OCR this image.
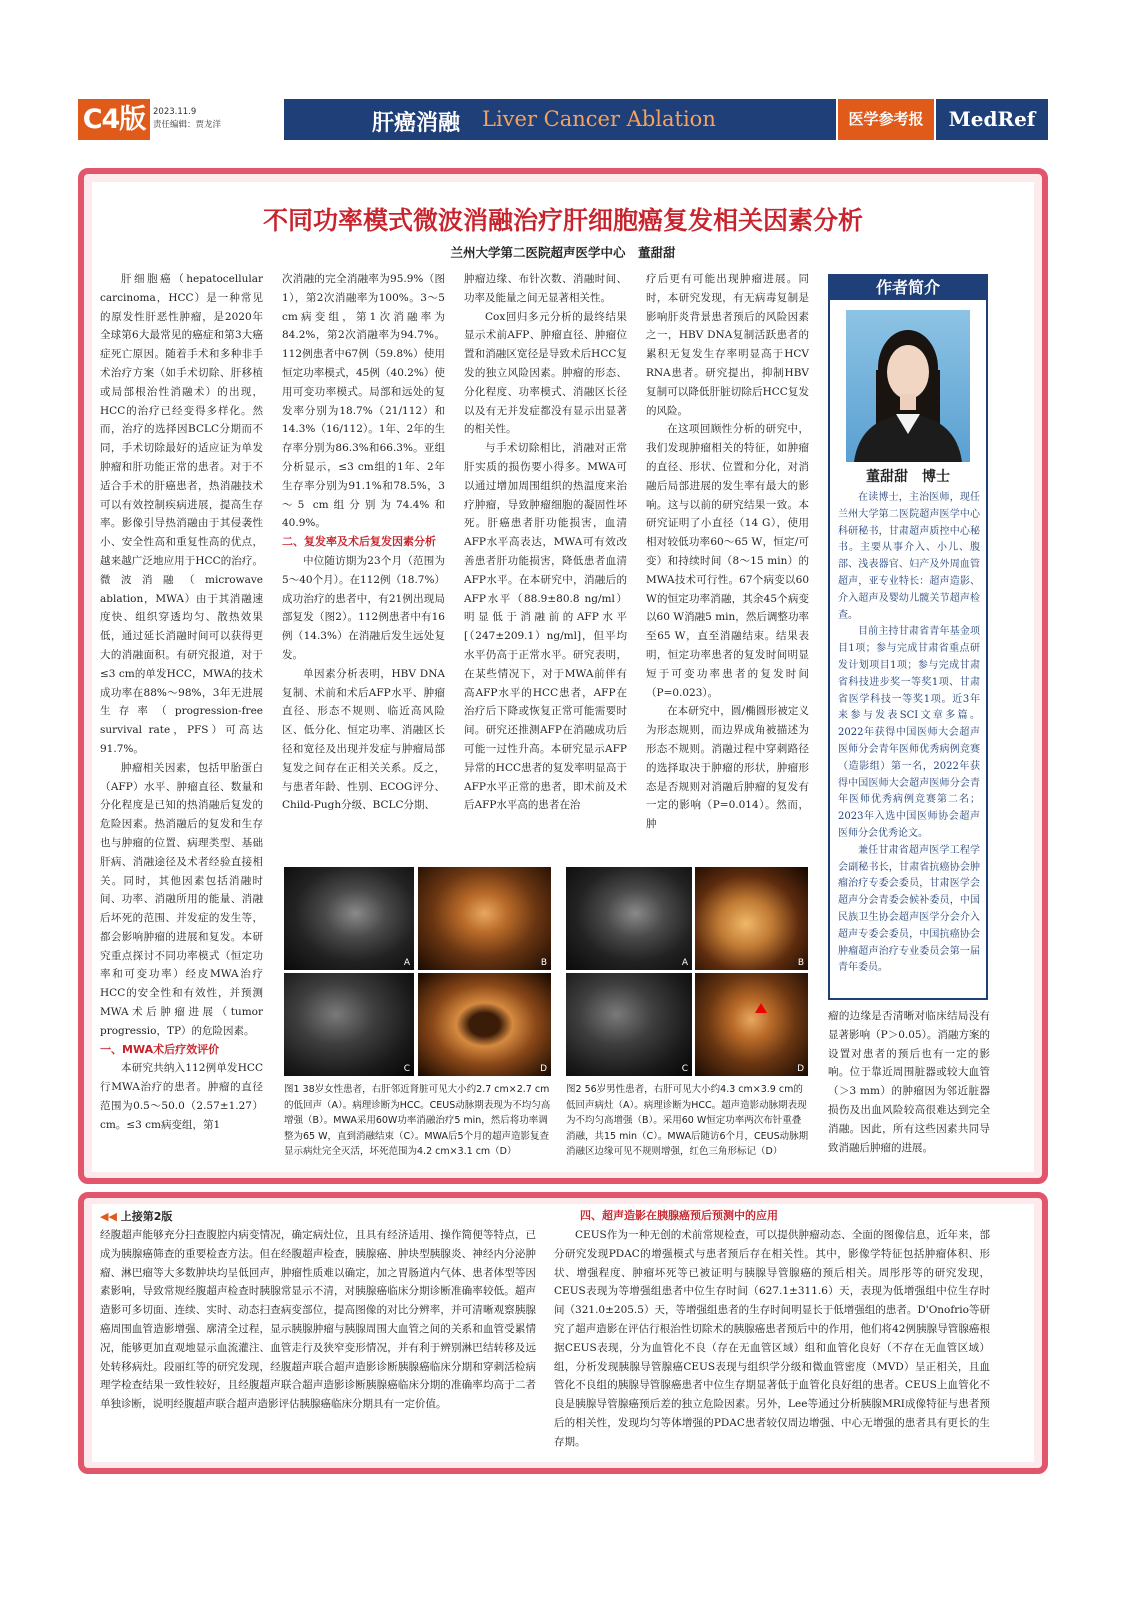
C4版 2023.11.9
责任编辑：贾龙洋	肝癌消融 Liver Cancer Ablation	医学参考报	MedRef
不同功率模式微波消融治疗肝细胞癌复发相关因素分析
兰州大学第二医院超声医学中心　董甜甜

肝细胞癌（hepatocellular carcinoma，HCC）是一种常见的原发性肝恶性肿瘤，是2020年全球第6大最常见的癌症和第3大癌症死亡原因。随着手术和多种非手术治疗方案（如手术切除、肝移植或局部根治性消融术）的出现，HCC的治疗已经变得多样化。然而，治疗的选择因BCLC分期而不同，手术切除最好的适应证为单发肿瘤和肝功能正常的患者。对于不适合手术的肝癌患者，热消融技术可以有效控制疾病进展，提高生存率。影像引导热消融由于其侵袭性小、安全性高和重复性高的优点，越来越广泛地应用于HCC的治疗。微波消融（microwave ablation，MWA）由于其消融速度快、组织穿透均匀、散热效果低，通过延长消融时间可以获得更大的消融面积。有研究报道，对于≤3 cm的单发HCC，MWA的技术成功率在88%～98%，3年无进展生存率（progression-free survival rate，PFS）可高达91.7%。

肿瘤相关因素，包括甲胎蛋白（AFP）水平、肿瘤直径、数量和分化程度是已知的热消融后复发的危险因素。热消融后的复发和生存也与肿瘤的位置、病理类型、基础肝病、消融途径及术者经验直接相关。同时，其他因素包括消融时间、功率、消融所用的能量、消融后坏死的范围、并发症的发生等，都会影响肿瘤的进展和复发。本研究重点探讨不同功率模式（恒定功率和可变功率）经皮MWA治疗HCC的安全性和有效性，并预测MWA术后肿瘤进展（tumor progressio，TP）的危险因素。

一、MWA术后疗效评价

本研究共纳入112例单发HCC行MWA治疗的患者。肿瘤的直径范围为0.5～50.0（2.57±1.27）cm。≤3 cm病变组，第1

次消融的完全消融率为95.9%（图1），第2次消融率为100%。3～5 cm病变组，第1次消融率为84.2%，第2次消融率为94.7%。112例患者中67例（59.8%）使用恒定功率模式，45例（40.2%）使用可变功率模式。局部和远处的复发率分别为18.7%（21/112）和14.3%（16/112）。1年、2年的生存率分别为86.3%和66.3%。亚组分析显示，≤3 cm组的1年、2年生存率分别为91.1%和78.5%，3～5 cm组分别为74.4%和40.9%。

二、复发率及术后复发因素分析

中位随访期为23个月（范围为5～40个月）。在112例（18.7%）成功治疗的患者中，有21例出现局部复发（图2）。112例患者中有16例（14.3%）在消融后发生远处复发。

单因素分析表明，HBV DNA复制、术前和术后AFP水平、肿瘤直径、形态不规则、临近高风险区、低分化、恒定功率、消融区长径和宽径及出现并发症与肿瘤局部复发之间存在正相关关系。反之，与患者年龄、性别、ECOG评分、Child-Pugh分级、BCLC分期、

肿瘤边缘、布针次数、消融时间、功率及能量之间无显著相关性。

Cox回归多元分析的最终结果显示术前AFP、肿瘤直径、肿瘤位置和消融区宽径是导致术后HCC复发的独立风险因素。肿瘤的形态、分化程度、功率模式、消融区长径以及有无并发症都没有显示出显著的相关性。

与手术切除相比，消融对正常肝实质的损伤要小得多。MWA可以通过增加周围组织的热温度来治疗肿瘤，导致肿瘤细胞的凝固性坏死。肝癌患者肝功能损害，血清AFP水平高表达，MWA可有效改善患者肝功能损害，降低患者血清AFP水平。在本研究中，消融后的AFP水平（88.9±80.8 ng/ml）明显低于消融前的AFP水平[（247±209.1）ng/ml]，但平均水平仍高于正常水平。研究表明，在某些情况下，对于MWA前伴有高AFP水平的HCC患者，AFP在治疗后下降或恢复正常可能需要时间。研究还推测AFP在消融成功后可能一过性升高。本研究显示AFP异常的HCC患者的复发率明显高于AFP水平正常的患者，即术前及术后AFP水平高的患者在治

疗后更有可能出现肿瘤进展。同时，本研究发现，有无病毒复制是影响肝炎背景患者预后的风险因素之一，HBV DNA复制活跃患者的累积无复发生存率明显高于HCV RNA患者。研究提出，抑制HBV复制可以降低肝脏切除后HCC复发的风险。

在这项回顾性分析的研究中，我们发现肿瘤相关的特征，如肿瘤的直径、形状、位置和分化，对消融后局部进展的发生率有最大的影响。这与以前的研究结果一致。本研究证明了小直径（14 G），使用相对较低功率60～65 W，恒定/可变）和持续时间（8～15 min）的MWA技术可行性。67个病变以60 W的恒定功率消融，其余45个病变以60 W消融5 min，然后调整功率至65 W，直至消融结束。结果表明，恒定功率患者的复发时间明显短于可变功率患者的复发时间（P=0.023）。

在本研究中，圆/椭圆形被定义为形态规则，而边界成角被描述为形态不规则。消融过程中穿刺路径的选择取决于肿瘤的形状，肿瘤形态是否规则对消融后肿瘤的复发有一定的影响（P=0.014）。然而，肿

瘤的边缘是否清晰对临床结局没有显著影响（P＞0.05）。消融方案的设置对患者的预后也有一定的影响。位于靠近周围脏器或较大血管（＞3 mm）的肿瘤因为邻近脏器损伤及出血风险较高很难达到完全消融。因此，所有这些因素共同导致消融后肿瘤的进展。

A	B
C	D
图1 38岁女性患者，右肝邻近肾脏可见大小约2.7 cm×2.7 cm的低回声（A）。病理诊断为HCC。CEUS动脉期表现为不均匀高增强（B）。MWA采用60W功率消融治疗5 min，然后将功率调整为65 W，直到消融结束（C）。MWA后5个月的超声造影复查显示病灶完全灭活，坏死范围为4.2 cm×3.1 cm（D）
A	B
C	D
图2 56岁男性患者，右肝可见大小约4.3 cm×3.9 cm的低回声病灶（A）。病理诊断为HCC。超声造影动脉期表现为不均匀高增强（B）。采用60 W恒定功率两次布针重叠消融，共15 min（C）。MWA后随访6个月，CEUS动脉期消融区边缘可见不规则增强，红色三角形标记（D）
作者简介
董甜甜　博士

在读博士，主治医师，现任兰州大学第二医院超声医学中心科研秘书，甘肃超声质控中心秘书。主要从事介入、小儿、腹部、浅表器官、妇产及外周血管超声，亚专业特长：超声造影、介入超声及婴幼儿髋关节超声检查。

目前主持甘肃省青年基金项目1项；参与完成甘肃省重点研发计划项目1项；参与完成甘肃省科技进步奖一等奖1项、甘肃省医学科技一等奖1项。近3年来参与发表SCI文章多篇。2022年获得中国医师大会超声医师分会青年医师优秀病例竞赛（造影组）第一名，2022年获得中国医师大会超声医师分会青年医师优秀病例竞赛第二名；2023年入选中国医师协会超声医师分会优秀论文。

兼任甘肃省超声医学工程学会副秘书长，甘肃省抗癌协会肿瘤治疗专委会委员，甘肃医学会超声分会青委会候补委员，中国民族卫生协会超声医学分会介入超声专委会委员，中国抗癌协会肿瘤超声治疗专业委员会第一届青年委员。

◀◀ 上接第2版

经腹超声能够充分扫查腹腔内病变情况，确定病灶位，且具有经济适用、操作简便等特点，已成为胰腺癌筛查的重要检查方法。但在经腹超声检查，胰腺癌、肿块型胰腺炎、神经内分泌肿瘤、淋巴瘤等大多数肿块均呈低回声，肿瘤性质难以确定，加之胃肠道内气体、患者体型等因素影响，导致常规经腹超声检查时胰腺常显示不清，对胰腺癌临床分期诊断准确率较低。超声造影可多切面、连续、实时、动态扫查病变部位，提高图像的对比分辨率，并可清晰观察胰腺癌周围血管造影增强、廓清全过程，显示胰腺肿瘤与胰腺周围大血管之间的关系和血管受累情况，能够更加直观地显示血流灌注、血管走行及狭窄变形情况，并有利于辨别淋巴结转移及远处转移病灶。段丽红等的研究发现，经腹超声联合超声造影诊断胰腺癌临床分期和穿刺活检病理学检查结果一致性较好，且经腹超声联合超声造影诊断胰腺癌临床分期的准确率均高于二者单独诊断，说明经腹超声联合超声造影评估胰腺癌临床分期具有一定价值。

四、超声造影在胰腺癌预后预测中的应用

CEUS作为一种无创的术前常规检查，可以提供肿瘤动态、全面的图像信息，近年来，部分研究发现PDAC的增强模式与患者预后存在相关性。其中，影像学特征包括肿瘤体积、形状、增强程度、肿瘤坏死等已被证明与胰腺导管腺癌的预后相关。周彤彤等的研究发现，CEUS表现为等增强组患者中位生存时间（627.1±311.6）天，表现为低增强组中位生存时间（321.0±205.5）天，等增强组患者的生存时间明显长于低增强组的患者。D'Onofrio等研究了超声造影在评估行根治性切除术的胰腺癌患者预后中的作用，他们将42例胰腺导管腺癌根据CEUS表现，分为血管化不良（存在无血管区域）组和血管化良好（不存在无血管区域）组，分析发现胰腺导管腺癌CEUS表现与组织学分级和微血管密度（MVD）呈正相关，且血管化不良组的胰腺导管腺癌患者中位生存期显著低于血管化良好组的患者。CEUS上血管化不良是胰腺导管腺癌预后差的独立危险因素。另外，Lee等通过分析胰腺MRI成像特征与患者预后的相关性，发现均匀等体增强的PDAC患者较仅周边增强、中心无增强的患者具有更长的生存期。
